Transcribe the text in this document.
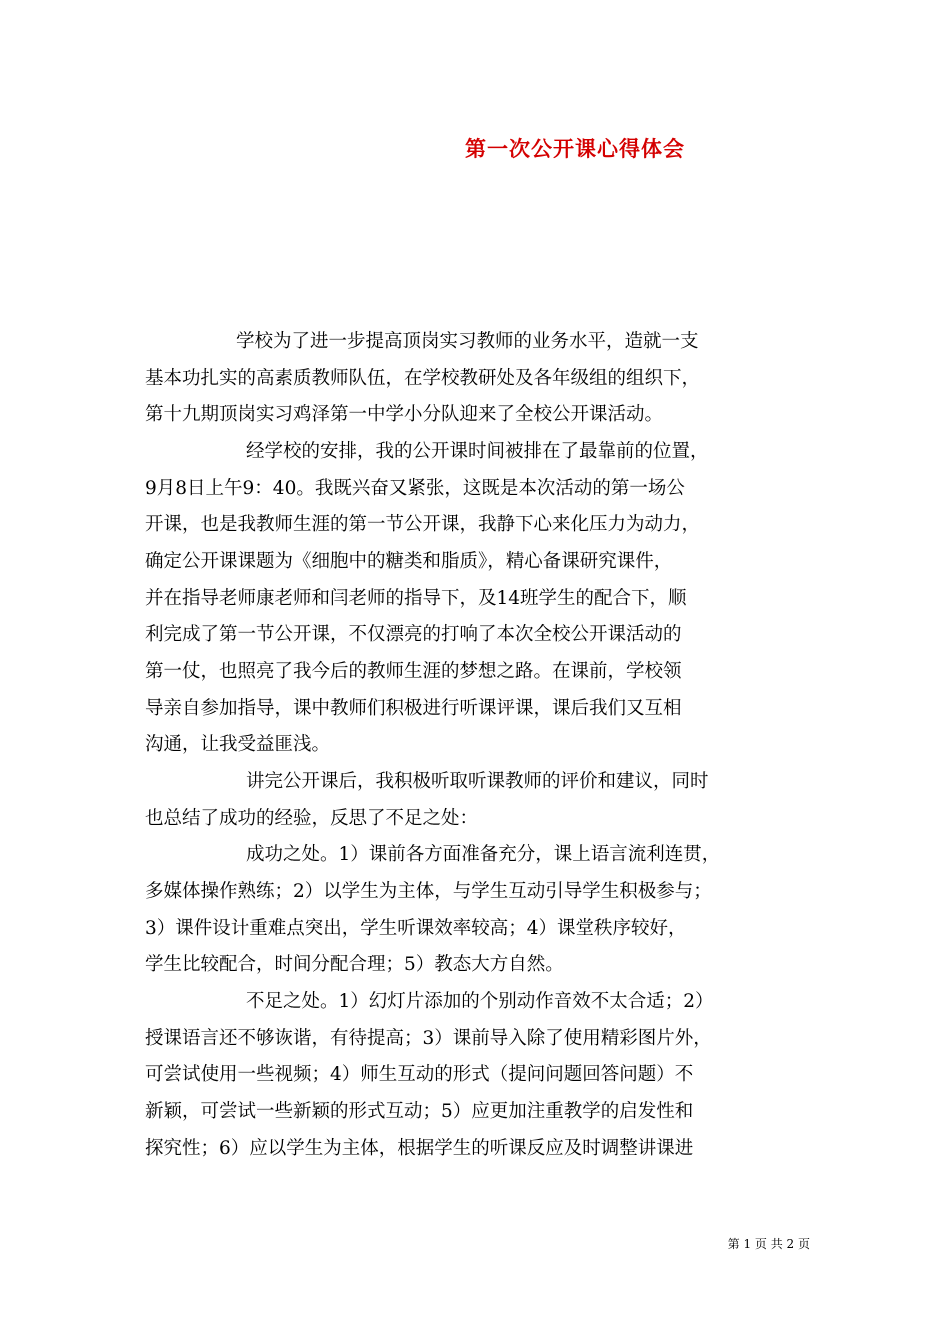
第一次公开课心得体会
学校为了进一步提高顶岗实习教师的业务水平，造就一支
基本功扎实的高素质教师队伍，在学校教研处及各年级组的组织下，
第十九期顶岗实习鸡泽第一中学小分队迎来了全校公开课活动。
经学校的安排，我的公开课时间被排在了最靠前的位置，
9月8日上午9：40。我既兴奋又紧张，这既是本次活动的第一场公
开课，也是我教师生涯的第一节公开课，我静下心来化压力为动力，
确定公开课课题为《细胞中的糖类和脂质》，精心备课研究课件，
并在指导老师康老师和闫老师的指导下，及14班学生的配合下，顺
利完成了第一节公开课，不仅漂亮的打响了本次全校公开课活动的
第一仗，也照亮了我今后的教师生涯的梦想之路。在课前，学校领
导亲自参加指导，课中教师们积极进行听课评课，课后我们又互相
沟通，让我受益匪浅。
讲完公开课后，我积极听取听课教师的评价和建议，同时
也总结了成功的经验，反思了不足之处：
成功之处。1）课前各方面准备充分，课上语言流利连贯，
多媒体操作熟练；2）以学生为主体，与学生互动引导学生积极参与；
3）课件设计重难点突出，学生听课效率较高；4）课堂秩序较好，
学生比较配合，时间分配合理；5）教态大方自然。
不足之处。1）幻灯片添加的个别动作音效不太合适；2）
授课语言还不够诙谐，有待提高；3）课前导入除了使用精彩图片外，
可尝试使用一些视频；4）师生互动的形式（提问问题回答问题）不
新颖，可尝试一些新颖的形式互动；5）应更加注重教学的启发性和
探究性；6）应以学生为主体，根据学生的听课反应及时调整讲课进
第 1 页 共 2 页
